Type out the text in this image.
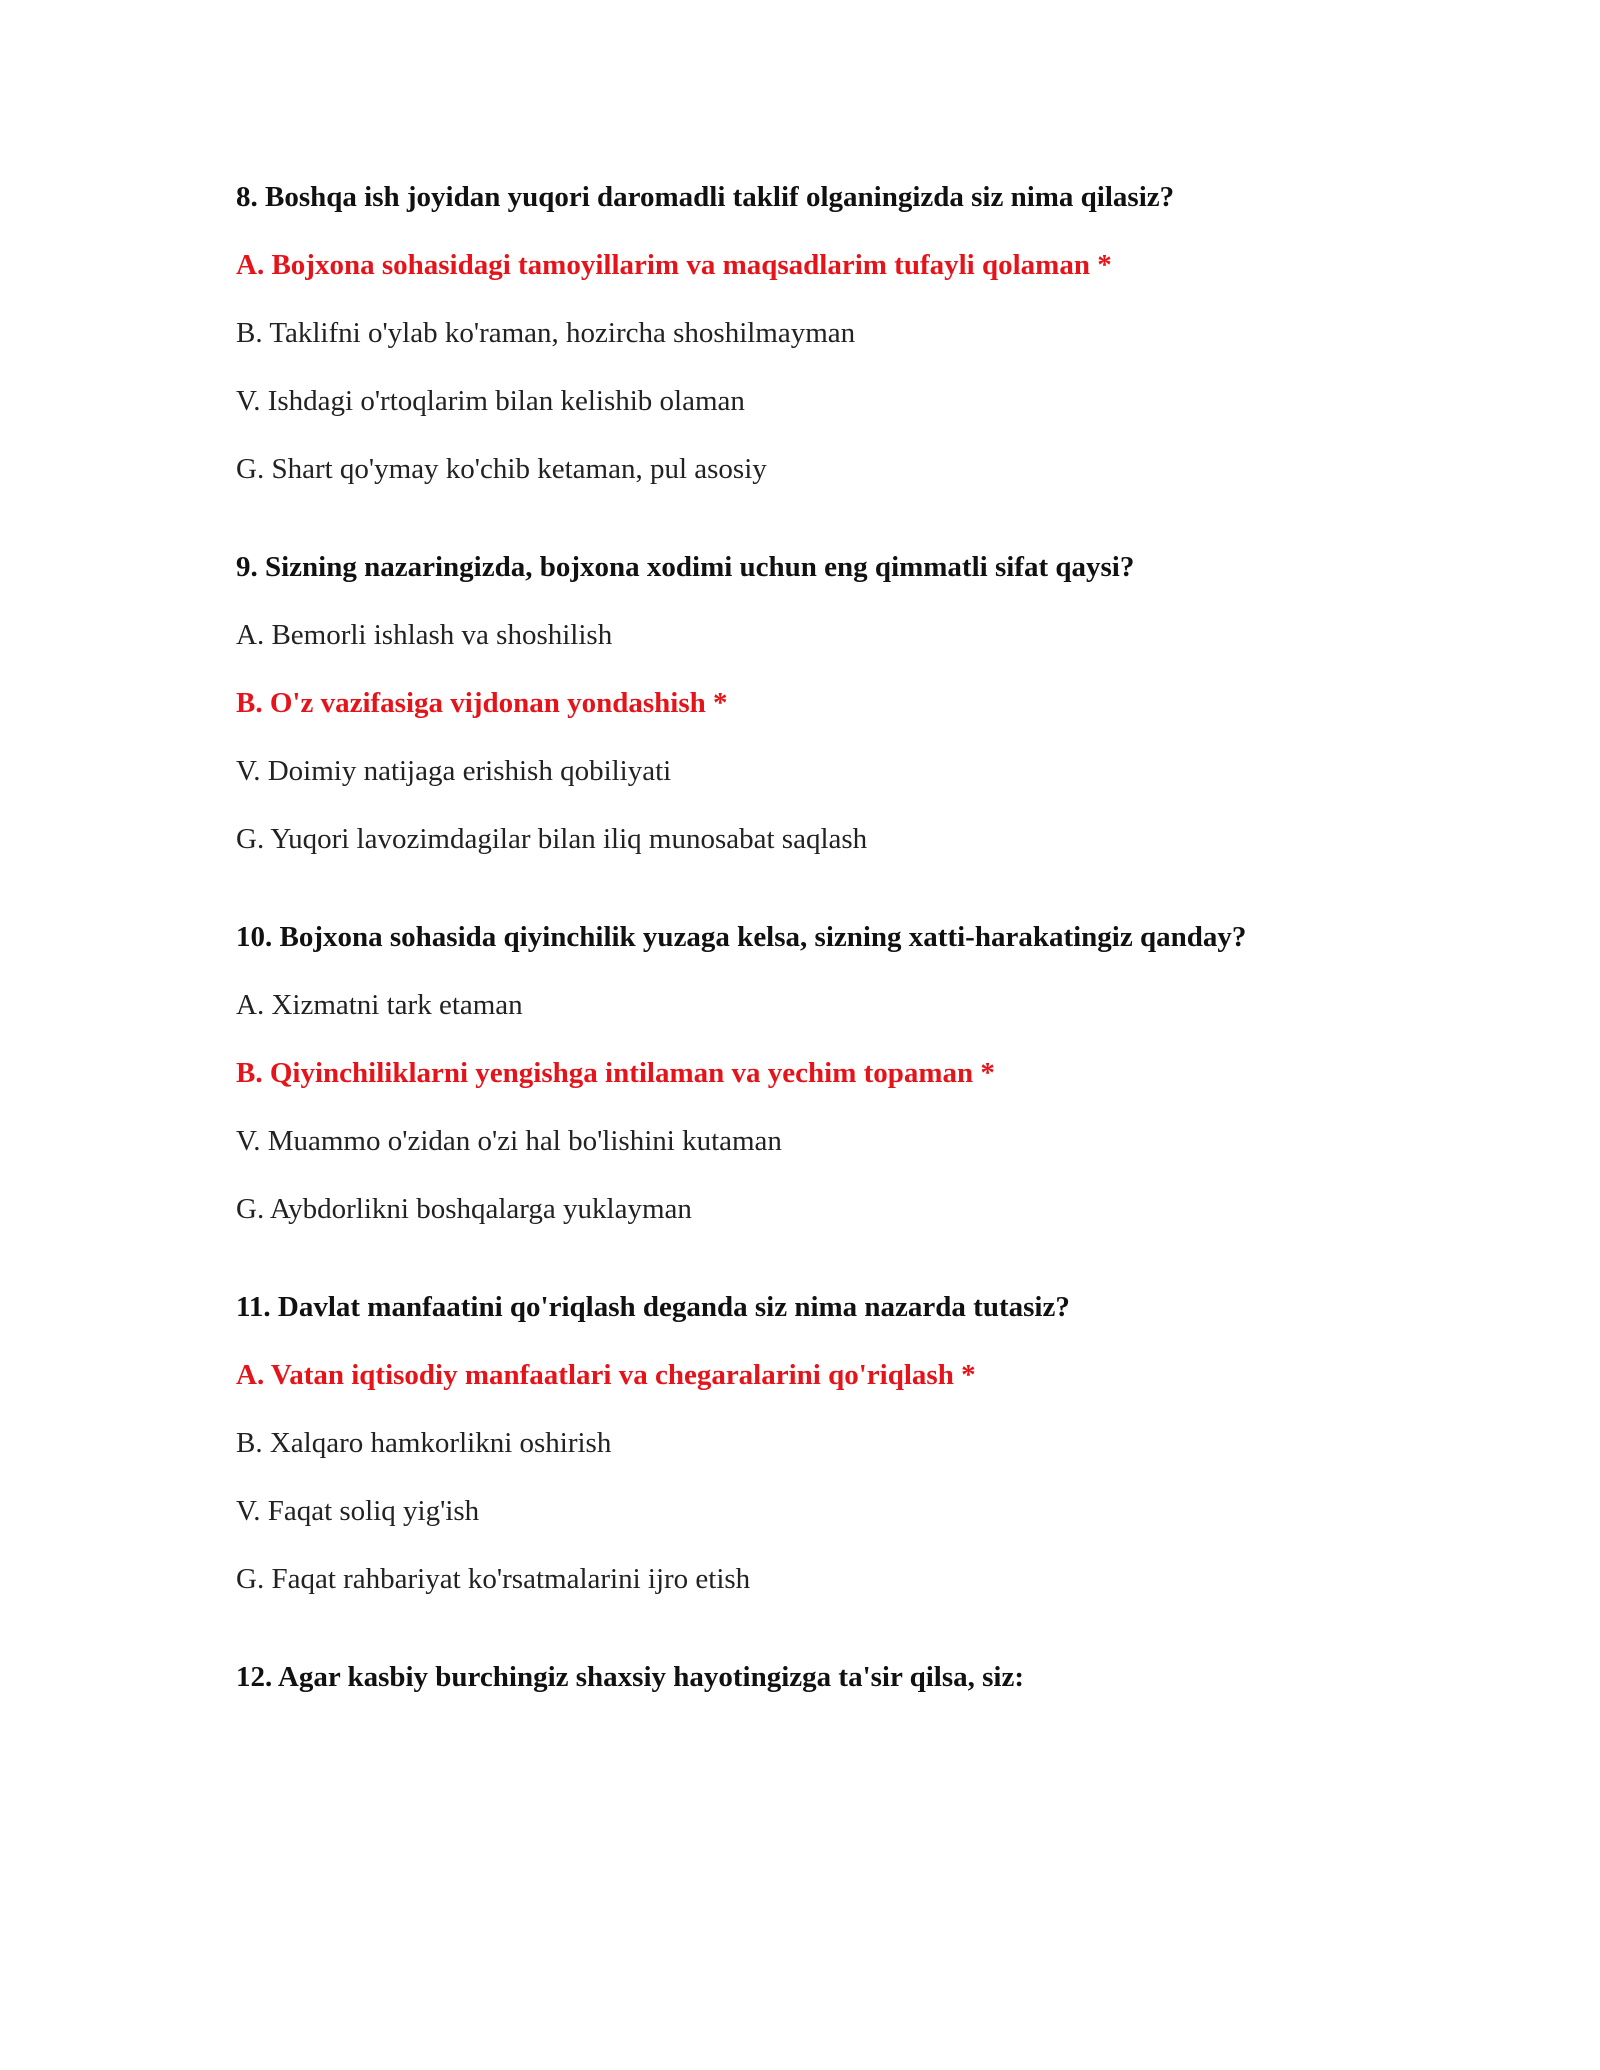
8. Boshqa ish joyidan yuqori daromadli taklif olganingizda siz nima qilasiz?
A. Bojxona sohasidagi tamoyillarim va maqsadlarim tufayli qolaman *
B. Taklifni o'ylab ko'raman, hozircha shoshilmayman
V. Ishdagi o'rtoqlarim bilan kelishib olaman
G. Shart qo'ymay ko'chib ketaman, pul asosiy
9. Sizning nazaringizda, bojxona xodimi uchun eng qimmatli sifat qaysi?
A. Bemorli ishlash va shoshilish
B. O'z vazifasiga vijdonan yondashish *
V. Doimiy natijaga erishish qobiliyati
G. Yuqori lavozimdagilar bilan iliq munosabat saqlash
10. Bojxona sohasida qiyinchilik yuzaga kelsa, sizning xatti-harakatingiz qanday?
A. Xizmatni tark etaman
B. Qiyinchiliklarni yengishga intilaman va yechim topaman *
V. Muammo o'zidan o'zi hal bo'lishini kutaman
G. Aybdorlikni boshqalarga yuklayman
11. Davlat manfaatini qo'riqlash deganda siz nima nazarda tutasiz?
A. Vatan iqtisodiy manfaatlari va chegaralarini qo'riqlash *
B. Xalqaro hamkorlikni oshirish
V. Faqat soliq yig'ish
G. Faqat rahbariyat ko'rsatmalarini ijro etish
12. Agar kasbiy burchingiz shaxsiy hayotingizga ta'sir qilsa, siz:
